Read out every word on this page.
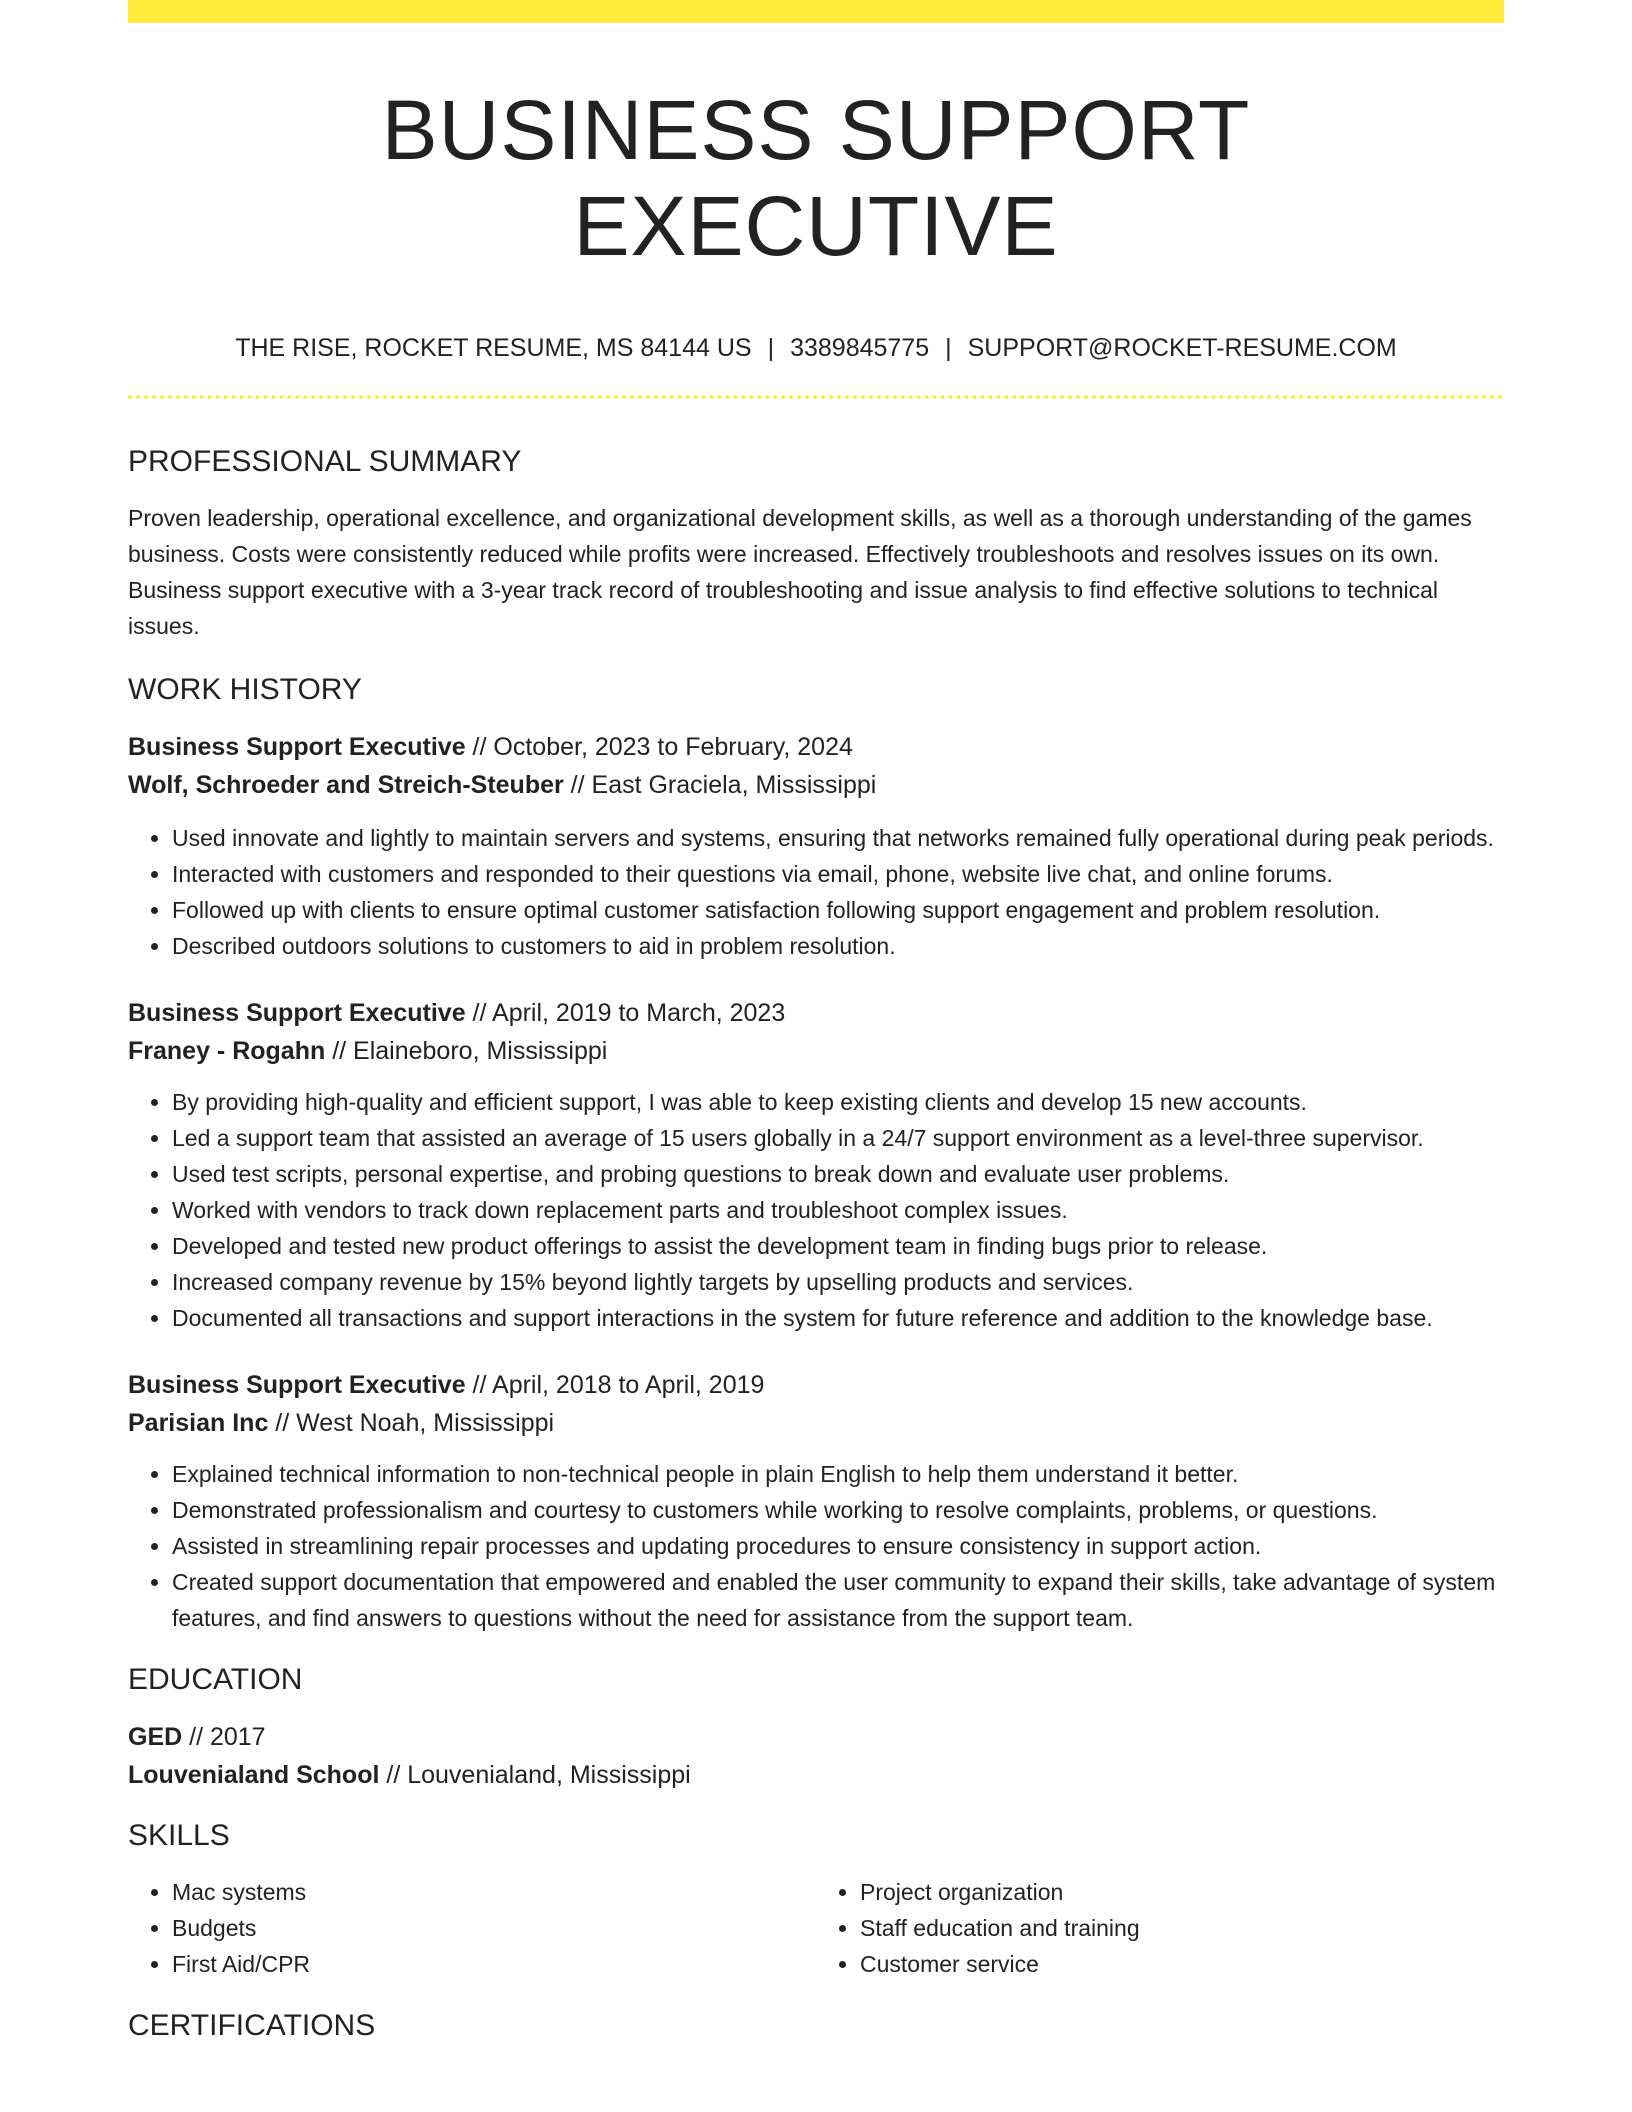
BUSINESS SUPPORT EXECUTIVE
THE RISE, ROCKET RESUME, MS 84144 US | 3389845775 | SUPPORT@ROCKET-RESUME.COM
PROFESSIONAL SUMMARY

Proven leadership, operational excellence, and organizational development skills, as well as a thorough understanding of the games business. Costs were consistently reduced while profits were increased. Effectively troubleshoots and resolves issues on its own. Business support executive with a 3-year track record of troubleshooting and issue analysis to find effective solutions to technical issues.

WORK HISTORY

Business Support Executive // October, 2023 to February, 2024

Wolf, Schroeder and Streich-Steuber // East Graciela, Mississippi

• Used innovate and lightly to maintain servers and systems, ensuring that networks remained fully operational during peak periods.
• Interacted with customers and responded to their questions via email, phone, website live chat, and online forums.
• Followed up with clients to ensure optimal customer satisfaction following support engagement and problem resolution.
• Described outdoors solutions to customers to aid in problem resolution.

Business Support Executive // April, 2019 to March, 2023

Franey - Rogahn // Elaineboro, Mississippi

• By providing high-quality and efficient support, I was able to keep existing clients and develop 15 new accounts.
• Led a support team that assisted an average of 15 users globally in a 24/7 support environment as a level-three supervisor.
• Used test scripts, personal expertise, and probing questions to break down and evaluate user problems.
• Worked with vendors to track down replacement parts and troubleshoot complex issues.
• Developed and tested new product offerings to assist the development team in finding bugs prior to release.
• Increased company revenue by 15% beyond lightly targets by upselling products and services.
• Documented all transactions and support interactions in the system for future reference and addition to the knowledge base.

Business Support Executive // April, 2018 to April, 2019

Parisian Inc // West Noah, Mississippi

• Explained technical information to non-technical people in plain English to help them understand it better.
• Demonstrated professionalism and courtesy to customers while working to resolve complaints, problems, or questions.
• Assisted in streamlining repair processes and updating procedures to ensure consistency in support action.
• Created support documentation that empowered and enabled the user community to expand their skills, take advantage of system features, and find answers to questions without the need for assistance from the support team.
EDUCATION

GED // 2017

Louvenialand School // Louvenialand, Mississippi

SKILLS
• Mac systems
• Budgets
• First Aid/CPR
• Project organization
• Staff education and training
• Customer service
CERTIFICATIONS
